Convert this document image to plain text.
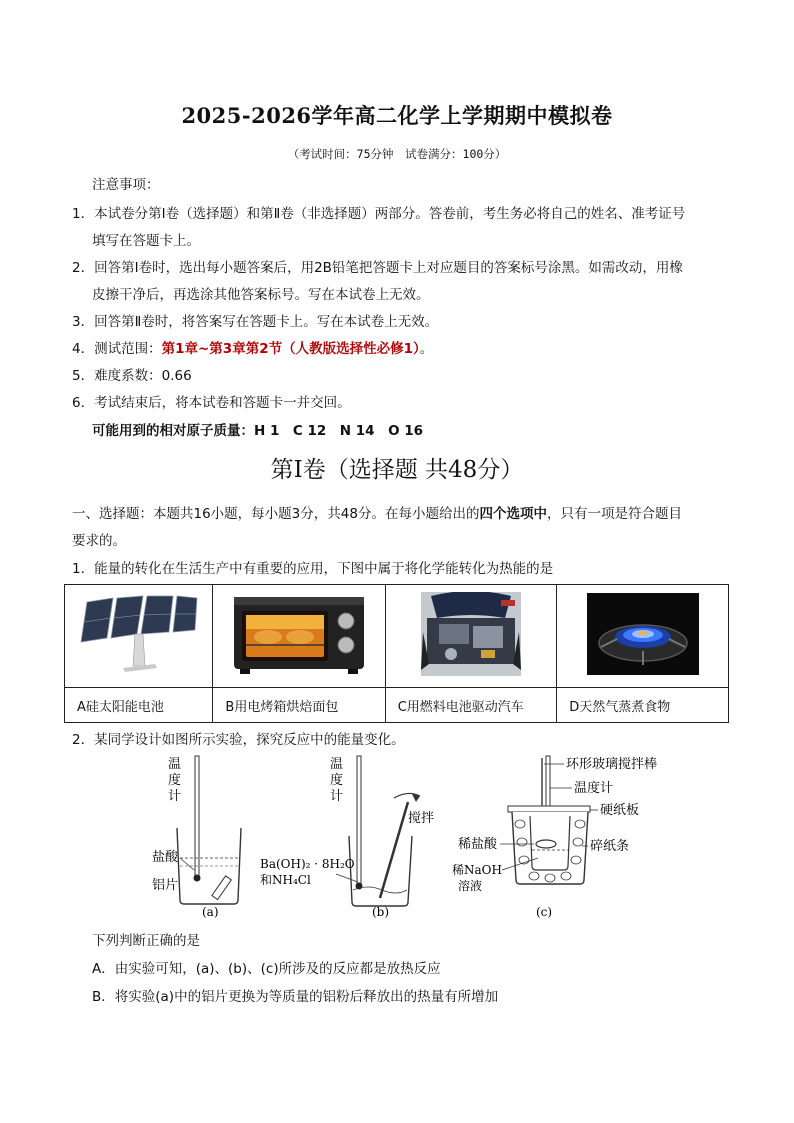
2025-2026学年高二化学上学期期中模拟卷
（考试时间：75分钟　试卷满分：100分）
注意事项：
1．本试卷分第Ⅰ卷（选择题）和第Ⅱ卷（非选择题）两部分。答卷前，考生务必将自己的姓名、准考证号
填写在答题卡上。
2．回答第Ⅰ卷时，选出每小题答案后，用2B铅笔把答题卡上对应题目的答案标号涂黑。如需改动，用橡
皮擦干净后，再选涂其他答案标号。写在本试卷上无效。
3．回答第Ⅱ卷时，将答案写在答题卡上。写在本试卷上无效。
4．测试范围：第1章~第3章第2节（人教版选择性必修1）。
5．难度系数：0.66
6．考试结束后，将本试卷和答题卡一并交回。
可能用到的相对原子质量：H 1　C 12　N 14　O 16
第Ⅰ卷（选择题 共48分）
一、选择题：本题共16小题，每小题3分，共48分。在每小题给出的四个选项中，只有一项是符合题目
要求的。
1．能量的转化在生活生产中有重要的应用，下图中属于将化学能转化为热能的是

A硅太阳能电池	B用电烤箱烘焙面包	C用燃料电池驱动汽车	D天然气蒸煮食物
2．某同学设计如图所示实验，探究反应中的能量变化。
温
度
计
盐酸
铝片
(a)
温
度
计
搅拌
Ba(OH)₂ · 8H₂O
和NH₄Cl
(b)
环形玻璃搅拌棒
温度计
硬纸板
稀盐酸	碎纸条
稀NaOH
溶液
(c)
下列判断正确的是
A．由实验可知，(a)、(b)、(c)所涉及的反应都是放热反应
B．将实验(a)中的铝片更换为等质量的铝粉后释放出的热量有所增加
